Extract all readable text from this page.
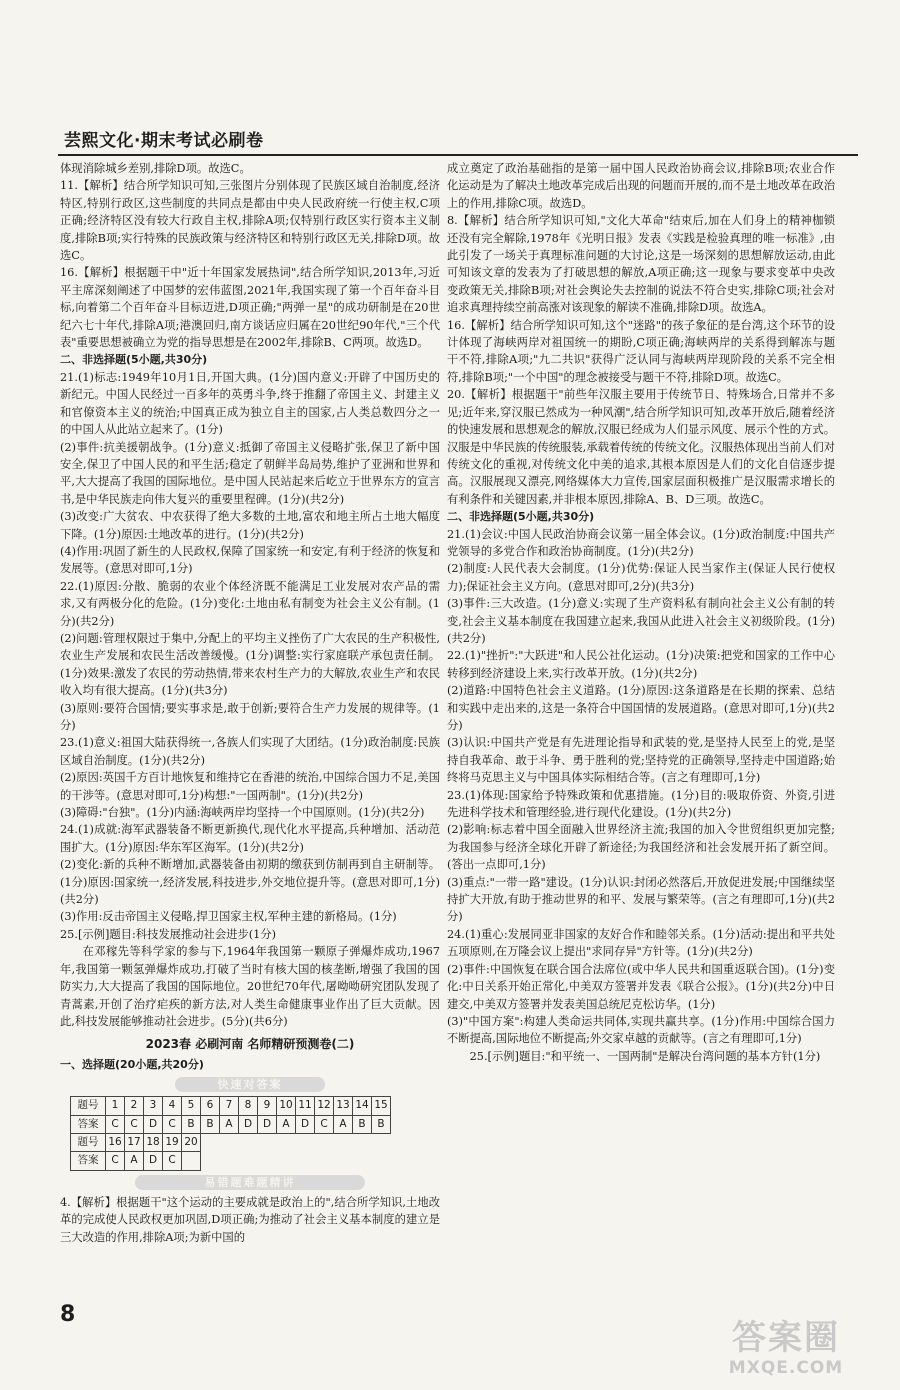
芸熙文化·期末考试必刷卷

体现消除城乡差别,排除D项。故选C。

11.【解析】结合所学知识可知,三张图片分别体现了民族区域自治制度,经济特区,特别行政区,这些制度的共同点是都由中央人民政府统一行使主权,C项正确;经济特区没有较大行政自主权,排除A项;仅特别行政区实行资本主义制度,排除B项;实行特殊的民族政策与经济特区和特别行政区无关,排除D项。故选C。

16.【解析】根据题干中"近十年国家发展热词",结合所学知识,2013年,习近平主席深刻阐述了中国梦的宏伟蓝图,2021年,我国实现了第一个百年奋斗目标,向着第二个百年奋斗目标迈进,D项正确;"两弹一星"的成功研制是在20世纪六七十年代,排除A项;港澳回归,南方谈话应归属在20世纪90年代,"三个代表"重要思想被确立为党的指导思想是在2002年,排除B、C两项。故选D。

二、非选择题(5小题,共30分)

21.(1)标志:1949年10月1日,开国大典。(1分)国内意义:开辟了中国历史的新纪元。中国人民经过一百多年的英勇斗争,终于推翻了帝国主义、封建主义和官僚资本主义的统治;中国真正成为独立自主的国家,占人类总数四分之一的中国人从此站立起来了。(1分)

(2)事件:抗美援朝战争。(1分)意义:抵御了帝国主义侵略扩张,保卫了新中国安全,保卫了中国人民的和平生活;稳定了朝鲜半岛局势,维护了亚洲和世界和平,大大提高了我国的国际地位。是中国人民站起来后屹立于世界东方的宣言书,是中华民族走向伟大复兴的重要里程碑。(1分)(共2分)

(3)改变:广大贫农、中农获得了绝大多数的土地,富农和地主所占土地大幅度下降。(1分)原因:土地改革的进行。(1分)(共2分)

(4)作用:巩固了新生的人民政权,保障了国家统一和安定,有利于经济的恢复和发展等。(意思对即可,1分)

22.(1)原因:分散、脆弱的农业个体经济既不能满足工业发展对农产品的需求,又有两极分化的危险。(1分)变化:土地由私有制变为社会主义公有制。(1分)(共2分)

(2)问题:管理权限过于集中,分配上的平均主义挫伤了广大农民的生产积极性,农业生产发展和农民生活改善缓慢。(1分)调整:实行家庭联产承包责任制。(1分)效果:激发了农民的劳动热情,带来农村生产力的大解放,农业生产和农民收入均有很大提高。(1分)(共3分)

(3)原则:要符合国情;要实事求是,敢于创新;要符合生产力发展的规律等。(1分)

23.(1)意义:祖国大陆获得统一,各族人们实现了大团结。(1分)政治制度:民族区域自治制度。(1分)(共2分)

(2)原因:英国千方百计地恢复和维持它在香港的统治,中国综合国力不足,美国的干涉等。(意思对即可,1分)构想:"一国两制"。(1分)(共2分)

(3)障碍:"台独"。(1分)内涵:海峡两岸均坚持一个中国原则。(1分)(共2分)

24.(1)成就:海军武器装备不断更新换代,现代化水平提高,兵种增加、活动范围扩大。(1分)原因:华东军区海军。(1分)(共2分)

(2)变化:新的兵种不断增加,武器装备由初期的缴获到仿制再到自主研制等。(1分)原因:国家统一,经济发展,科技进步,外交地位提升等。(意思对即可,1分)(共2分)

(3)作用:反击帝国主义侵略,捍卫国家主权,军种主建的新格局。(1分)

25.[示例]题目:科技发展推动社会进步(1分)

在邓稼先等科学家的参与下,1964年我国第一颗原子弹爆炸成功,1967年,我国第一颗氢弹爆炸成功,打破了当时有核大国的核垄断,增强了我国的国防实力,大大提高了我国的国际地位。20世纪70年代,屠呦呦研究团队发现了青蒿素,开创了治疗疟疾的新方法,对人类生命健康事业作出了巨大贡献。因此,科技发展能够推动社会进步。(5分)(共6分)

2023春 必刷河南 名师精研预测卷(二)

一、选择题(20小题,共20分)

快速对答案
题号	1	2	3	4	5	6	7	8	9	10	11	12	13	14	15
答案	C	C	D	C	B	B	A	D	D	A	D	C	A	B	B
题号	16	17	18	19	20										
答案	C	A	D	C											
易错题难题精讲

4.【解析】根据题干"这个运动的主要成就是政治上的",结合所学知识,土地改革的完成使人民政权更加巩固,D项正确;为推动了社会主义基本制度的建立是三大改造的作用,排除A项;为新中国的

成立奠定了政治基础指的是第一届中国人民政治协商会议,排除B项;农业合作化运动是为了解决土地改革完成后出现的问题而开展的,而不是土地改革在政治上的作用,排除C项。故选D。

8.【解析】结合所学知识可知,"文化大革命"结束后,加在人们身上的精神枷锁还没有完全解除,1978年《光明日报》发表《实践是检验真理的唯一标准》,由此引发了一场关于真理标准问题的大讨论,这是一场深刻的思想解放运动,由此可知该文章的发表为了打破思想的解放,A项正确;这一现象与要求变革中央改变政策无关,排除B项;对社会舆论失去控制的说法不符合史实,排除C项;社会对追求真理持续空前高涨对该现象的解读不准确,排除D项。故选A。

16.【解析】结合所学知识可知,这个"迷路"的孩子象征的是台湾,这个环节的设计体现了海峡两岸对祖国统一的期盼,C项正确;海峡两岸的关系得到解冻与题干不符,排除A项;"九二共识"获得广泛认同与海峡两岸现阶段的关系不完全相符,排除B项;"一个中国"的理念被接受与题干不符,排除D项。故选C。

20.【解析】根据题干"前些年汉服主要用于传统节日、特殊场合,日常并不多见;近年来,穿汉服已然成为一种风潮",结合所学知识可知,改革开放后,随着经济的快速发展和思想观念的解放,汉服已经成为人们显示风度、展示个性的方式。汉服是中华民族的传统服装,承载着传统的传统文化。汉服热体现出当前人们对传统文化的重视,对传统文化中美的追求,其根本原因是人们的文化自信逐步提高。汉服展现又漂亮,网络媒体大力宣传,国家层面积极推广是汉服需求增长的有利条件和关键因素,并非根本原因,排除A、B、D三项。故选C。

二、非选择题(5小题,共30分)

21.(1)会议:中国人民政治协商会议第一届全体会议。(1分)政治制度:中国共产党领导的多党合作和政治协商制度。(1分)(共2分)

(2)制度:人民代表大会制度。(1分)优势:保证人民当家作主(保证人民行使权力);保证社会主义方向。(意思对即可,2分)(共3分)

(3)事件:三大改造。(1分)意义:实现了生产资料私有制向社会主义公有制的转变,社会主义基本制度在我国建立起来,我国从此进入社会主义初级阶段。(1分)(共2分)

22.(1)"挫折":"大跃进"和人民公社化运动。(1分)决策:把党和国家的工作中心转移到经济建设上来,实行改革开放。(1分)(共2分)

(2)道路:中国特色社会主义道路。(1分)原因:这条道路是在长期的探索、总结和实践中走出来的,这是一条符合中国国情的发展道路。(意思对即可,1分)(共2分)

(3)认识:中国共产党是有先进理论指导和武装的党,是坚持人民至上的党,是坚持自我革命、敢于斗争、勇于胜利的党;坚持党的正确领导,坚持走中国道路;始终将马克思主义与中国具体实际相结合等。(言之有理即可,1分)

23.(1)体现:国家给予特殊政策和优惠措施。(1分)目的:吸取侨资、外资,引进先进科学技术和管理经验,进行现代化建设。(1分)(共2分)

(2)影响:标志着中国全面融入世界经济主流;我国的加入令世贸组织更加完整;为我国参与经济全球化开辟了新途径;为我国经济和社会发展开拓了新空间。(答出一点即可,1分)

(3)重点:"一带一路"建设。(1分)认识:封闭必然落后,开放促进发展;中国继续坚持扩大开放,有助于推动世界的和平、发展与繁荣等。(言之有理即可,1分)(共2分)

24.(1)重心:发展同亚非国家的友好合作和睦邻关系。(1分)活动:提出和平共处五项原则,在万隆会议上提出"求同存异"方针等。(1分)(共2分)

(2)事件:中国恢复在联合国合法席位(或中华人民共和国重返联合国)。(1分)变化:中日关系开始正常化,中美双方签署并发表《联合公报》。(1分)(共2分)中日建交,中美双方签署并发表美国总统尼克松访华。(1分)

(3)"中国方案":构建人类命运共同体,实现共赢共享。(1分)作用:中国综合国力不断提高,国际地位不断提高;外交家卓越的贡献等。(言之有理即可,1分)

25.[示例]题目:"和平统一、一国两制"是解决台湾问题的基本方针(1分)

8
答案圈
MXQE.COM
